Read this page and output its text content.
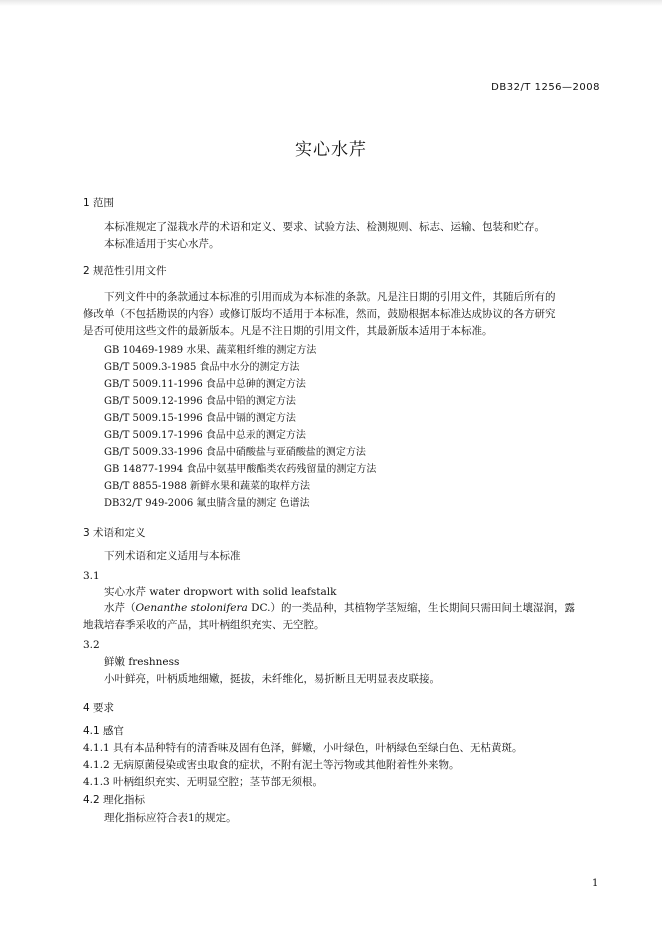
DB32/T 1256—2008
实心水芹
1 范围
本标准规定了湿栽水芹的术语和定义、要求、试验方法、检测规则、标志、运输、包装和贮存。
本标准适用于实心水芹。
2 规范性引用文件
下列文件中的条款通过本标准的引用而成为本标准的条款。凡是注日期的引用文件，其随后所有的
修改单（不包括勘误的内容）或修订版均不适用于本标准，然而，鼓励根据本标准达成协议的各方研究
是否可使用这些文件的最新版本。凡是不注日期的引用文件，其最新版本适用于本标准。
GB 10469-1989 水果、蔬菜粗纤维的测定方法
GB/T 5009.3-1985 食品中水分的测定方法
GB/T 5009.11-1996 食品中总砷的测定方法
GB/T 5009.12-1996 食品中铅的测定方法
GB/T 5009.15-1996 食品中镉的测定方法
GB/T 5009.17-1996 食品中总汞的测定方法
GB/T 5009.33-1996 食品中硝酸盐与亚硝酸盐的测定方法
GB 14877-1994 食品中氨基甲酸酯类农药残留量的测定方法
GB/T 8855-1988 新鲜水果和蔬菜的取样方法
DB32/T 949-2006 氟虫腈含量的测定 色谱法
3 术语和定义
下列术语和定义适用与本标准
3.1
实心水芹 water dropwort with solid leafstalk
水芹（Oenanthe stolonifera DC.）的一类品种，其植物学茎短缩，生长期间只需田间土壤湿润，露
地栽培春季采收的产品，其叶柄组织充实、无空腔。
3.2
鲜嫩 freshness
小叶鲜亮，叶柄质地细嫩，挺拔，未纤维化，易折断且无明显表皮联接。
4 要求
4.1 感官
4.1.1 具有本品种特有的清香味及固有色泽，鲜嫩，小叶绿色，叶柄绿色至绿白色、无枯黄斑。
4.1.2 无病原菌侵染或害虫取食的症状，不附有泥土等污物或其他附着性外来物。
4.1.3 叶柄组织充实、无明显空腔；茎节部无须根。
4.2 理化指标
理化指标应符合表1的规定。
1
